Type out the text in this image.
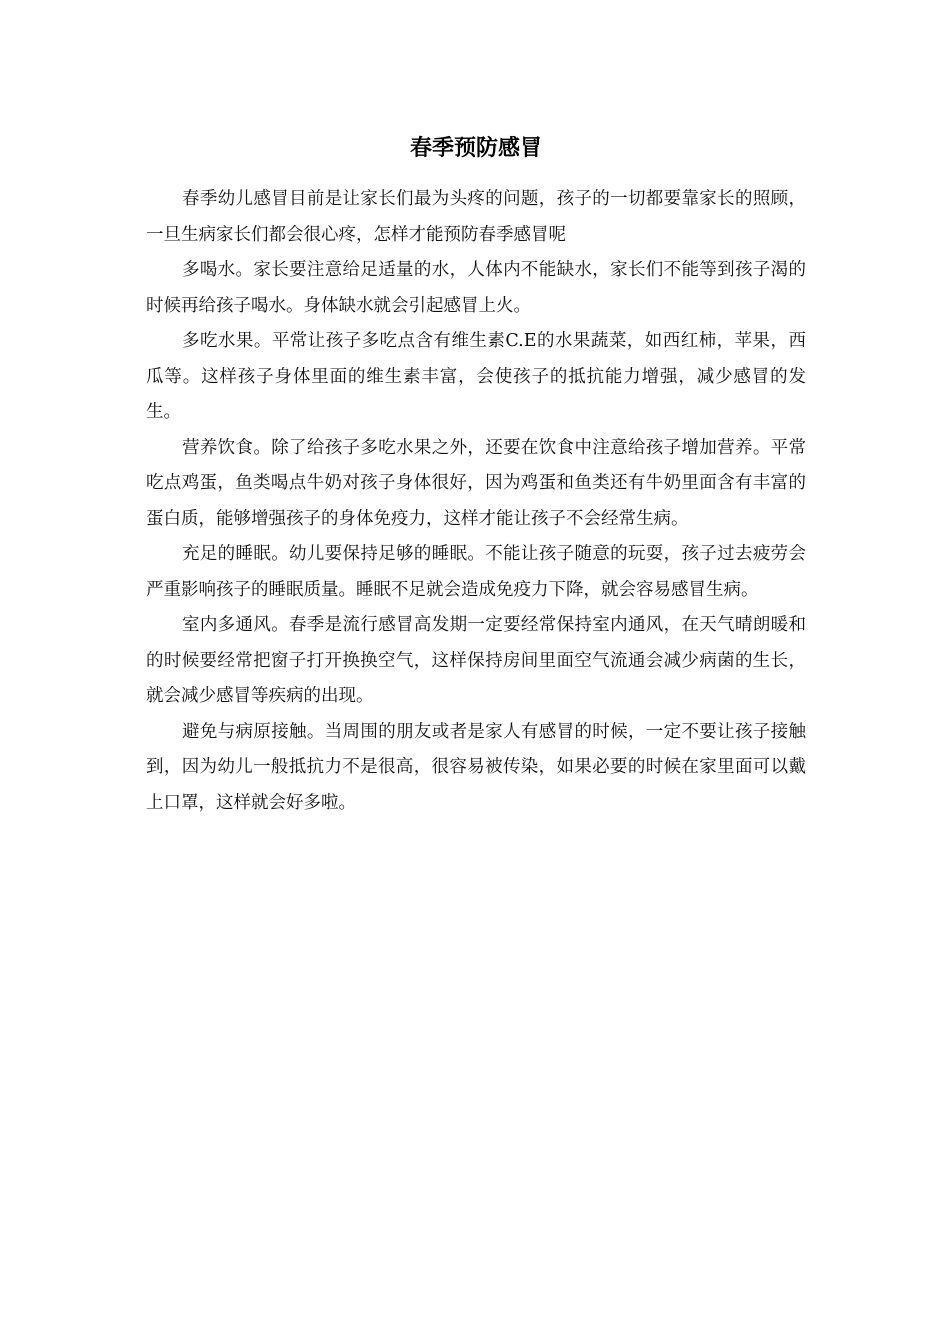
春季预防感冒

春季幼儿感冒目前是让家长们最为头疼的问题，孩子的一切都要靠家长的照顾，一旦生病家长们都会很心疼，怎样才能预防春季感冒呢

多喝水。家长要注意给足适量的水，人体内不能缺水，家长们不能等到孩子渴的时候再给孩子喝水。身体缺水就会引起感冒上火。

多吃水果。平常让孩子多吃点含有维生素C.E的水果蔬菜，如西红柿，苹果，西瓜等。这样孩子身体里面的维生素丰富，会使孩子的抵抗能力增强，减少感冒的发生。

营养饮食。除了给孩子多吃水果之外，还要在饮食中注意给孩子增加营养。平常吃点鸡蛋，鱼类喝点牛奶对孩子身体很好，因为鸡蛋和鱼类还有牛奶里面含有丰富的蛋白质，能够增强孩子的身体免疫力，这样才能让孩子不会经常生病。

充足的睡眠。幼儿要保持足够的睡眠。不能让孩子随意的玩耍，孩子过去疲劳会严重影响孩子的睡眠质量。睡眠不足就会造成免疫力下降，就会容易感冒生病。

室内多通风。春季是流行感冒高发期一定要经常保持室内通风，在天气晴朗暖和的时候要经常把窗子打开换换空气，这样保持房间里面空气流通会减少病菌的生长，就会减少感冒等疾病的出现。

避免与病原接触。当周围的朋友或者是家人有感冒的时候，一定不要让孩子接触到，因为幼儿一般抵抗力不是很高，很容易被传染，如果必要的时候在家里面可以戴上口罩，这样就会好多啦。
